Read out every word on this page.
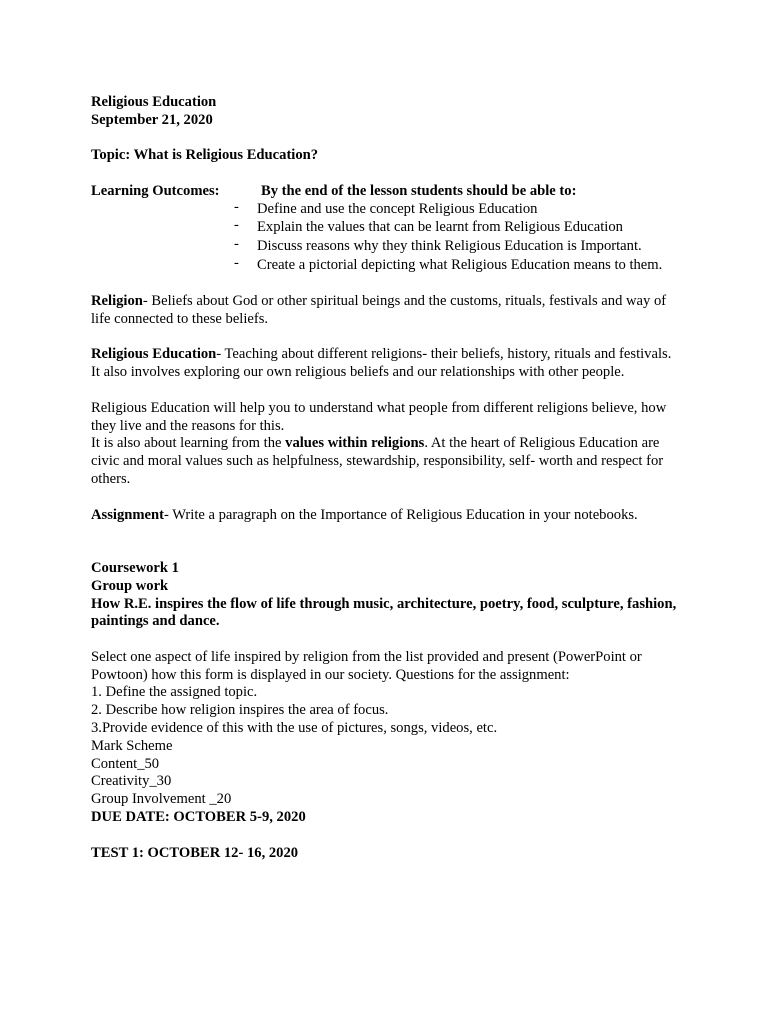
Religious Education

September 21, 2020

Topic: What is Religious Education?

Learning Outcomes:	By the end of the lesson students should be able to:
- Define and use the concept Religious Education
- Explain the values that can be learnt from Religious Education
- Discuss reasons why they think Religious Education is Important.
- Create a pictorial depicting what Religious Education means to them.

Religion- Beliefs about God or other spiritual beings and the customs, rituals, festivals and way of life connected to these beliefs.

Religious Education- Teaching about different religions- their beliefs, history, rituals and festivals. It also involves exploring our own religious beliefs and our relationships with other people.

Religious Education will help you to understand what people from different religions believe, how they live and the reasons for this.

It is also about learning from the values within religions. At the heart of Religious Education are civic and moral values such as helpfulness, stewardship, responsibility, self- worth and respect for others.

Assignment- Write a paragraph on the Importance of Religious Education in your notebooks.

Coursework 1

Group work

How R.E. inspires the flow of life through music, architecture, poetry, food, sculpture, fashion, paintings and dance.

Select one aspect of life inspired by religion from the list provided and present (PowerPoint or Powtoon) how this form is displayed in our society. Questions for the assignment:

1. Define the assigned topic.

2. Describe how religion inspires the area of focus.

3.Provide evidence of this with the use of pictures, songs, videos, etc.

Mark Scheme

Content_50

Creativity_30

Group Involvement _20

DUE DATE: OCTOBER 5-9, 2020

TEST 1: OCTOBER 12- 16, 2020
